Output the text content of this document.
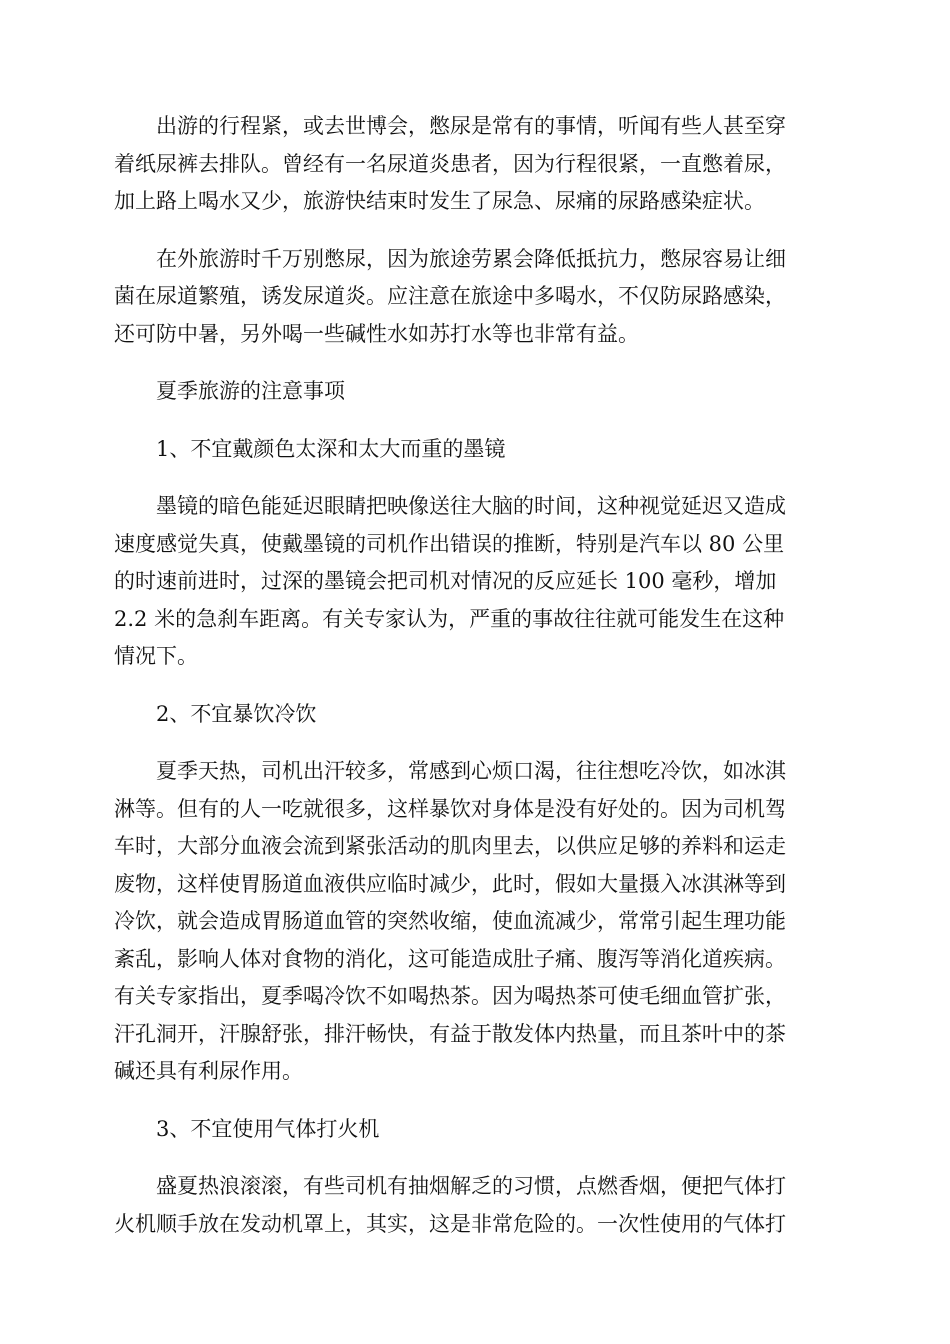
出游的行程紧，或去世博会，憋尿是常有的事情，听闻有些人甚至穿
着纸尿裤去排队。曾经有一名尿道炎患者，因为行程很紧，一直憋着尿，
加上路上喝水又少，旅游快结束时发生了尿急、尿痛的尿路感染症状。

在外旅游时千万别憋尿，因为旅途劳累会降低抵抗力，憋尿容易让细
菌在尿道繁殖，诱发尿道炎。应注意在旅途中多喝水，不仅防尿路感染，
还可防中暑，另外喝一些碱性水如苏打水等也非常有益。

夏季旅游的注意事项

1、不宜戴颜色太深和太大而重的墨镜

墨镜的暗色能延迟眼睛把映像送往大脑的时间，这种视觉延迟又造成
速度感觉失真，使戴墨镜的司机作出错误的推断，特别是汽车以 80 公里
的时速前进时，过深的墨镜会把司机对情况的反应延长 100 毫秒，增加
2.2 米的急刹车距离。有关专家认为，严重的事故往往就可能发生在这种
情况下。

2、不宜暴饮冷饮

夏季天热，司机出汗较多，常感到心烦口渴，往往想吃冷饮，如冰淇
淋等。但有的人一吃就很多，这样暴饮对身体是没有好处的。因为司机驾
车时，大部分血液会流到紧张活动的肌肉里去，以供应足够的养料和运走
废物，这样使胃肠道血液供应临时减少，此时，假如大量摄入冰淇淋等到
冷饮，就会造成胃肠道血管的突然收缩，使血流减少，常常引起生理功能
紊乱，影响人体对食物的消化，这可能造成肚子痛、腹泻等消化道疾病。
有关专家指出，夏季喝冷饮不如喝热茶。因为喝热茶可使毛细血管扩张，
汗孔洞开，汗腺舒张，排汗畅快，有益于散发体内热量，而且茶叶中的茶
碱还具有利尿作用。

3、不宜使用气体打火机

盛夏热浪滚滚，有些司机有抽烟解乏的习惯，点燃香烟，便把气体打
火机顺手放在发动机罩上，其实，这是非常危险的。一次性使用的气体打
